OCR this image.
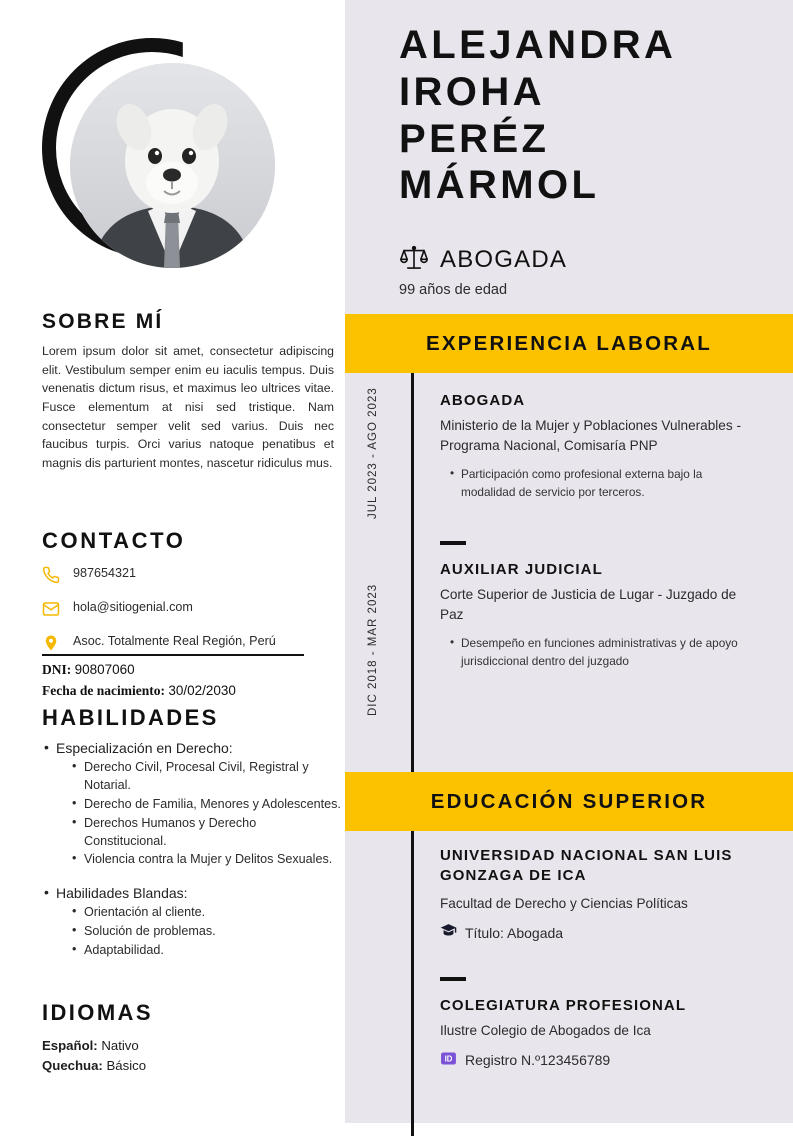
SOBRE MÍ

Lorem ipsum dolor sit amet, consectetur adipiscing elit. Vestibulum semper enim eu iaculis tempus. Duis venenatis dictum risus, et maximus leo ultrices vitae. Fusce elementum at nisi sed tristique. Nam consectetur semper velit sed varius. Duis nec faucibus turpis. Orci varius natoque penatibus et magnis dis parturient montes, nascetur ridiculus mus.

CONTACTO
987654321
hola@sitiogenial.com
Asoc. Totalmente Real Región, Perú
DNI: 90807060
Fecha de nacimiento: 30/02/2030
HABILIDADES
• Especialización en Derecho:
• Derecho Civil, Procesal Civil, Registral y Notarial.
• Derecho de Familia, Menores y Adolescentes.
• Derechos Humanos y Derecho Constitucional.
• Violencia contra la Mujer y Delitos Sexuales.
• Habilidades Blandas:
• Orientación al cliente.
• Solución de problemas.
• Adaptabilidad.
IDIOMAS
Español: Nativo
Quechua: Básico
ALEJANDRA
IROHA
PERÉZ
MÁRMOL
ABOGADA
99 años de edad
EXPERIENCIA LABORAL
JUL 2023 - AGO 2023
DIC 2018 - MAR 2023
ABOGADA
Ministerio de la Mujer y Poblaciones Vulnerables - Programa Nacional, Comisaría PNP
• Participación como profesional externa bajo la modalidad de servicio por terceros.
AUXILIAR JUDICIAL
Corte Superior de Justicia de Lugar - Juzgado de Paz
• Desempeño en funciones administrativas y de apoyo jurisdiccional dentro del juzgado
EDUCACIÓN SUPERIOR
UNIVERSIDAD NACIONAL SAN LUIS GONZAGA DE ICA
Facultad de Derecho y Ciencias Políticas
Título: Abogada
COLEGIATURA PROFESIONAL
Ilustre Colegio de Abogados de Ica
ID Registro N.º123456789
